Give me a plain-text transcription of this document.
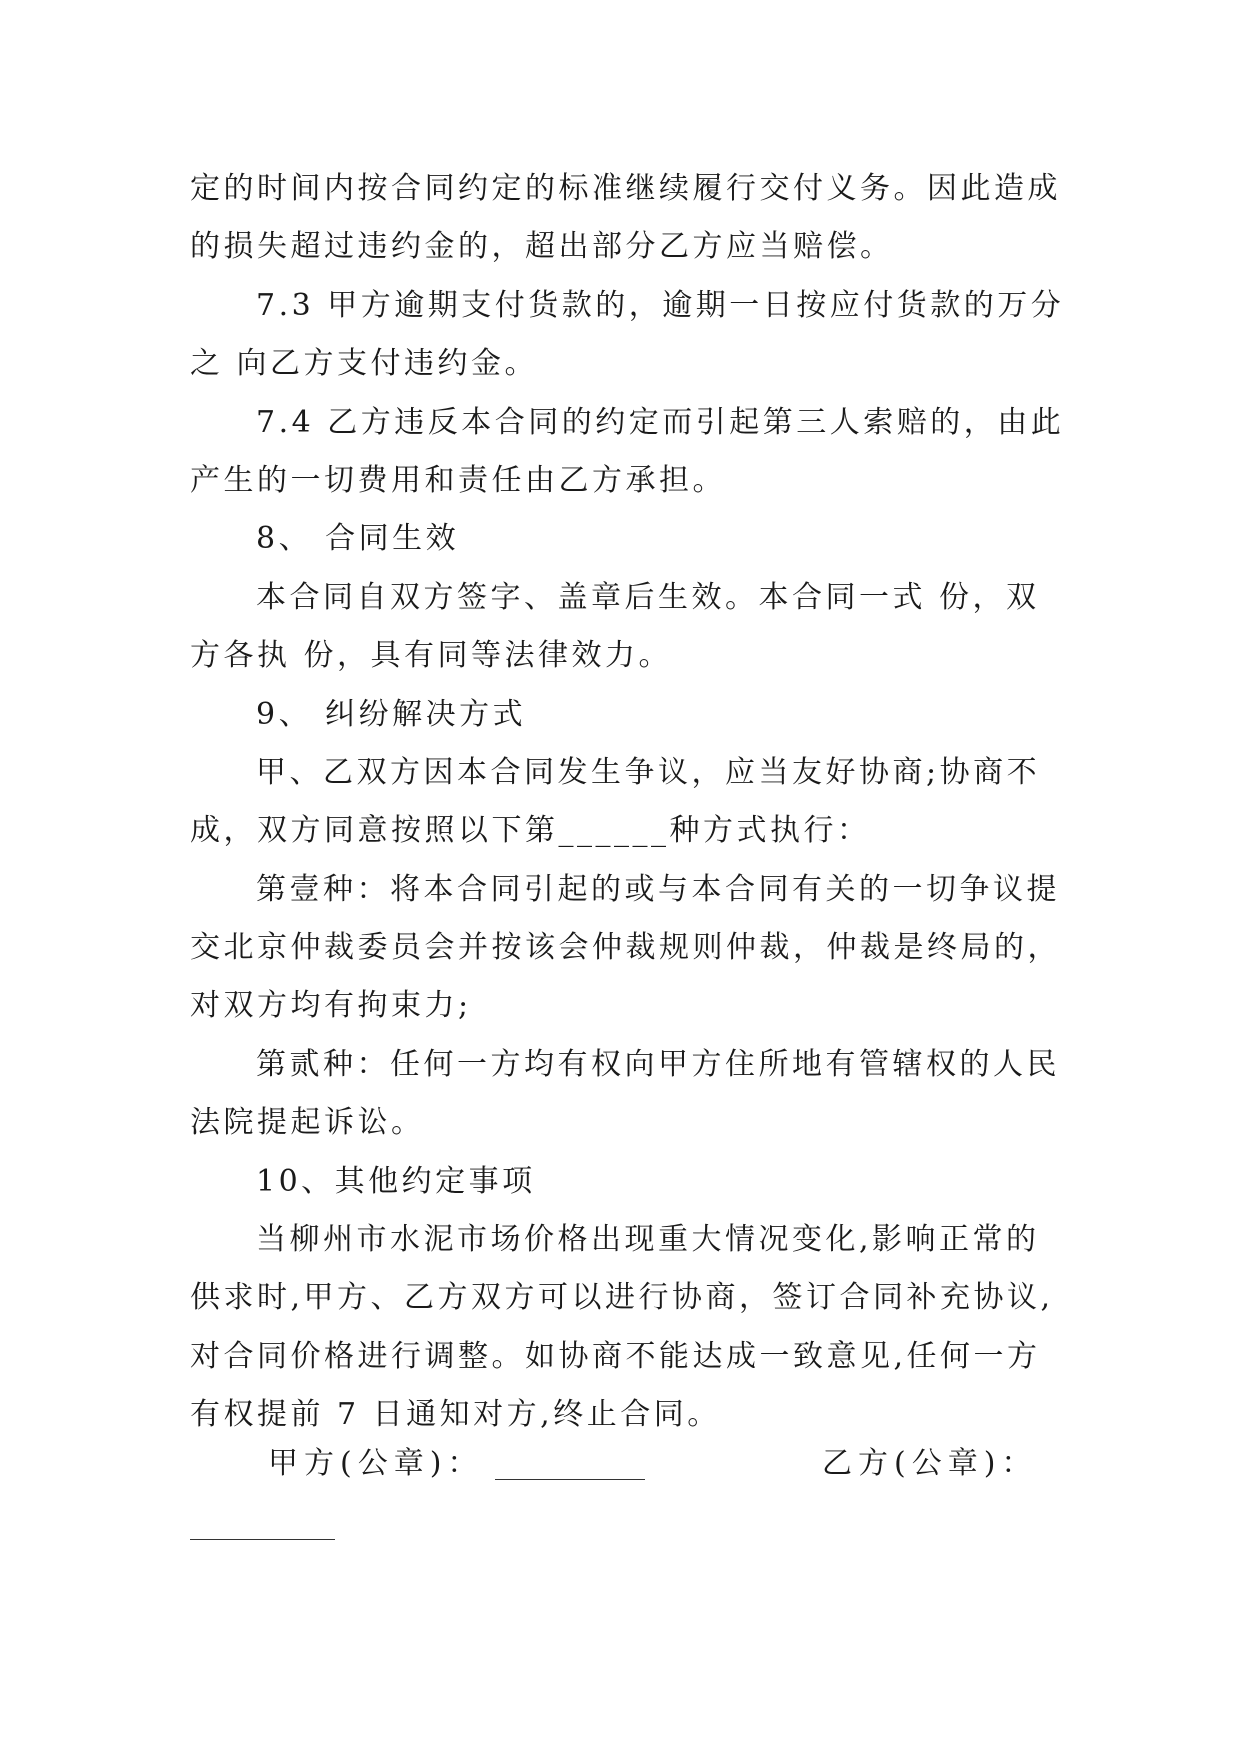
定的时间内按合同约定的标准继续履行交付义务。因此造成
的损失超过违约金的，超出部分乙方应当赔偿。
7.3 甲方逾期支付货款的，逾期一日按应付货款的万分
之 向乙方支付违约金。
7.4 乙方违反本合同的约定而引起第三人索赔的，由此
产生的一切费用和责任由乙方承担。
8、 合同生效
本合同自双方签字、盖章后生效。本合同一式 份，双
方各执 份，具有同等法律效力。
9、 纠纷解决方式
甲、乙双方因本合同发生争议，应当友好协商;协商不
成，双方同意按照以下第______种方式执行：
第壹种：将本合同引起的或与本合同有关的一切争议提
交北京仲裁委员会并按该会仲裁规则仲裁，仲裁是终局的，
对双方均有拘束力;
第贰种：任何一方均有权向甲方住所地有管辖权的人民
法院提起诉讼。
10、其他约定事项
当柳州市水泥市场价格出现重大情况变化,影响正常的
供求时,甲方、乙方双方可以进行协商，签订合同补充协议,
对合同价格进行调整。如协商不能达成一致意见,任何一方
有权提前 7 日通知对方,终止合同。
甲方(公章)：	乙方(公章)：
